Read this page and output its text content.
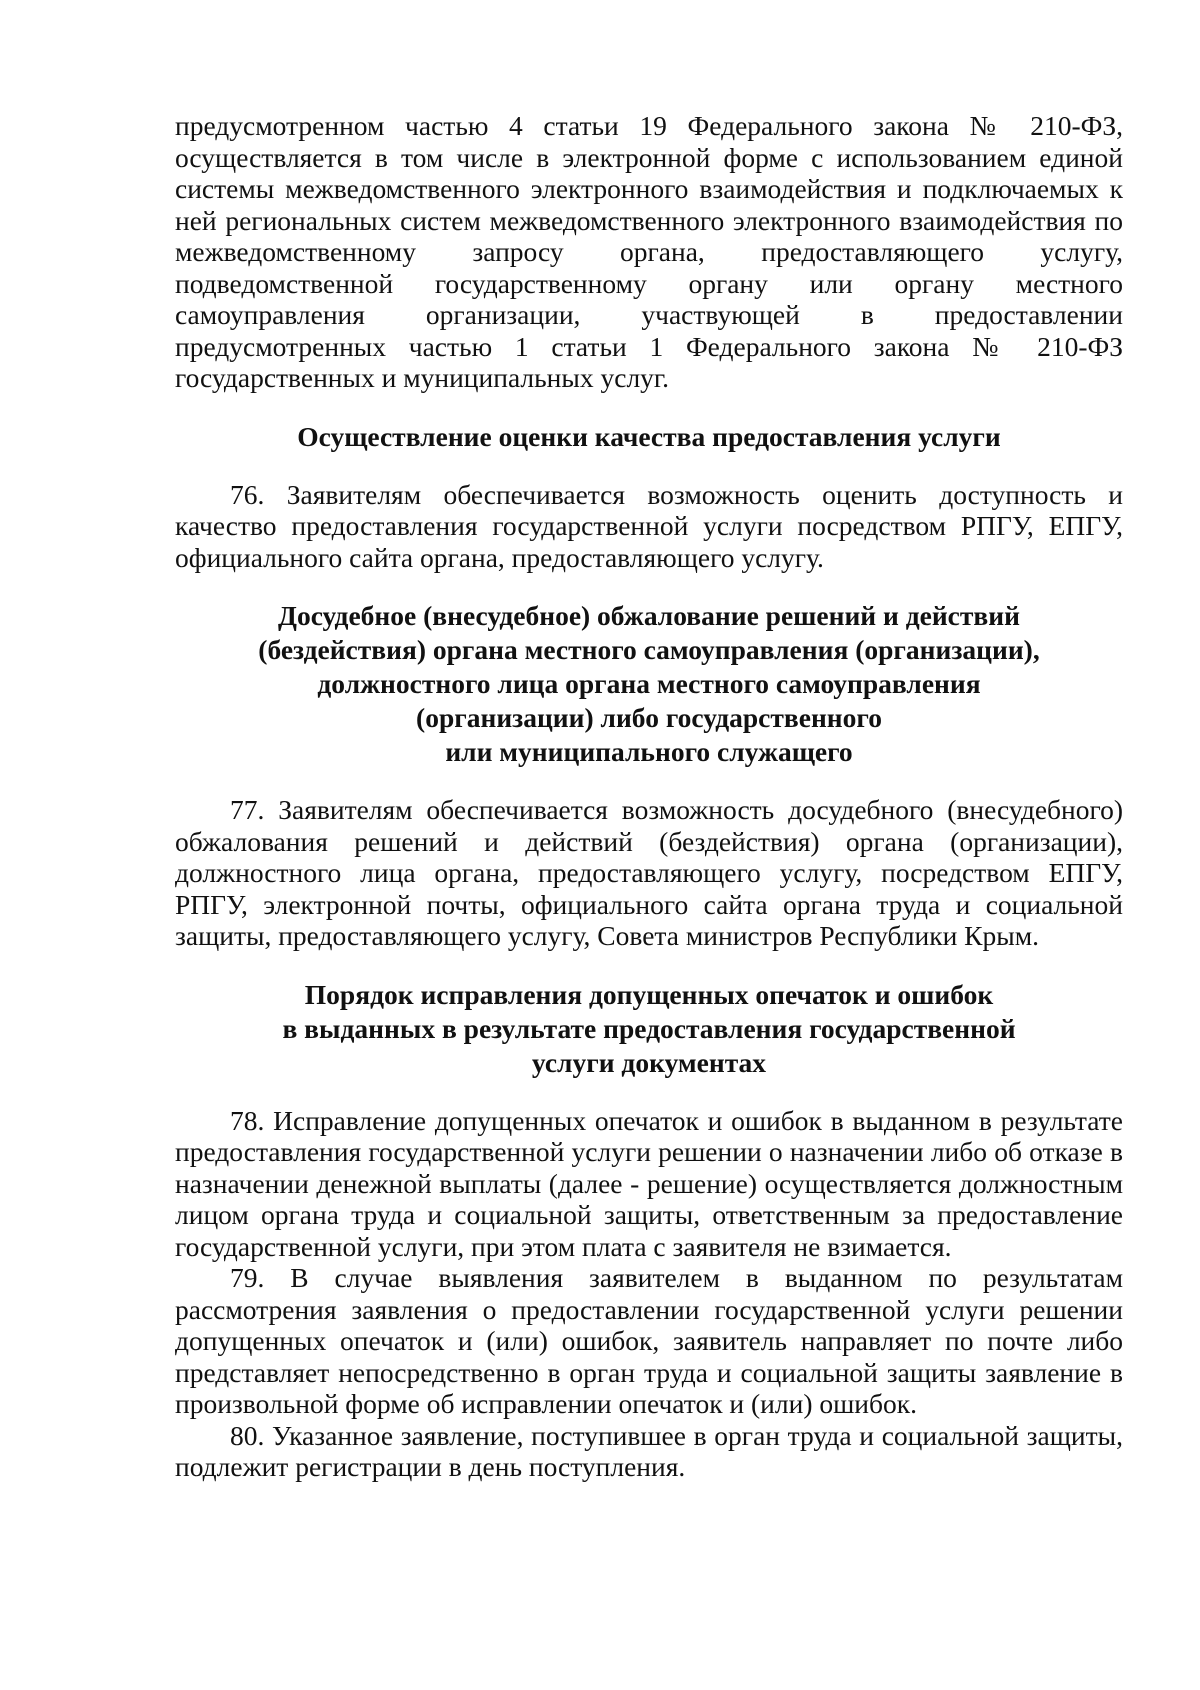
предусмотренном частью 4 статьи 19 Федерального закона № 210-ФЗ, осуществляется в том числе в электронной форме с использованием единой системы межведомственного электронного взаимодействия и подключаемых к ней региональных систем межведомственного электронного взаимодействия по межведомственному запросу органа, предоставляющего услугу, подведомственной государственному органу или органу местного самоуправления организации, участвующей в предоставлении предусмотренных частью 1 статьи 1 Федерального закона № 210-ФЗ государственных и муниципальных услуг.

Осуществление оценки качества предоставления услуги

76. Заявителям обеспечивается возможность оценить доступность и качество предоставления государственной услуги посредством РПГУ, ЕПГУ, официального сайта органа, предоставляющего услугу.

Досудебное (внесудебное) обжалование решений и действий
(бездействия) органа местного самоуправления (организации),
должностного лица органа местного самоуправления
(организации) либо государственного
или муниципального служащего

77. Заявителям обеспечивается возможность досудебного (внесудебного) обжалования решений и действий (бездействия) органа (организации), должностного лица органа, предоставляющего услугу, посредством ЕПГУ, РПГУ, электронной почты, официального сайта органа труда и социальной защиты, предоставляющего услугу, Совета министров Республики Крым.

Порядок исправления допущенных опечаток и ошибок
в выданных в результате предоставления государственной
услуги документах

78. Исправление допущенных опечаток и ошибок в выданном в результате предоставления государственной услуги решении о назначении либо об отказе в назначении денежной выплаты (далее - решение) осуществляется должностным лицом органа труда и социальной защиты, ответственным за предоставление государственной услуги, при этом плата с заявителя не взимается.

79. В случае выявления заявителем в выданном по результатам рассмотрения заявления о предоставлении государственной услуги решении допущенных опечаток и (или) ошибок, заявитель направляет по почте либо представляет непосредственно в орган труда и социальной защиты заявление в произвольной форме об исправлении опечаток и (или) ошибок.

80. Указанное заявление, поступившее в орган труда и социальной защиты, подлежит регистрации в день поступления.
